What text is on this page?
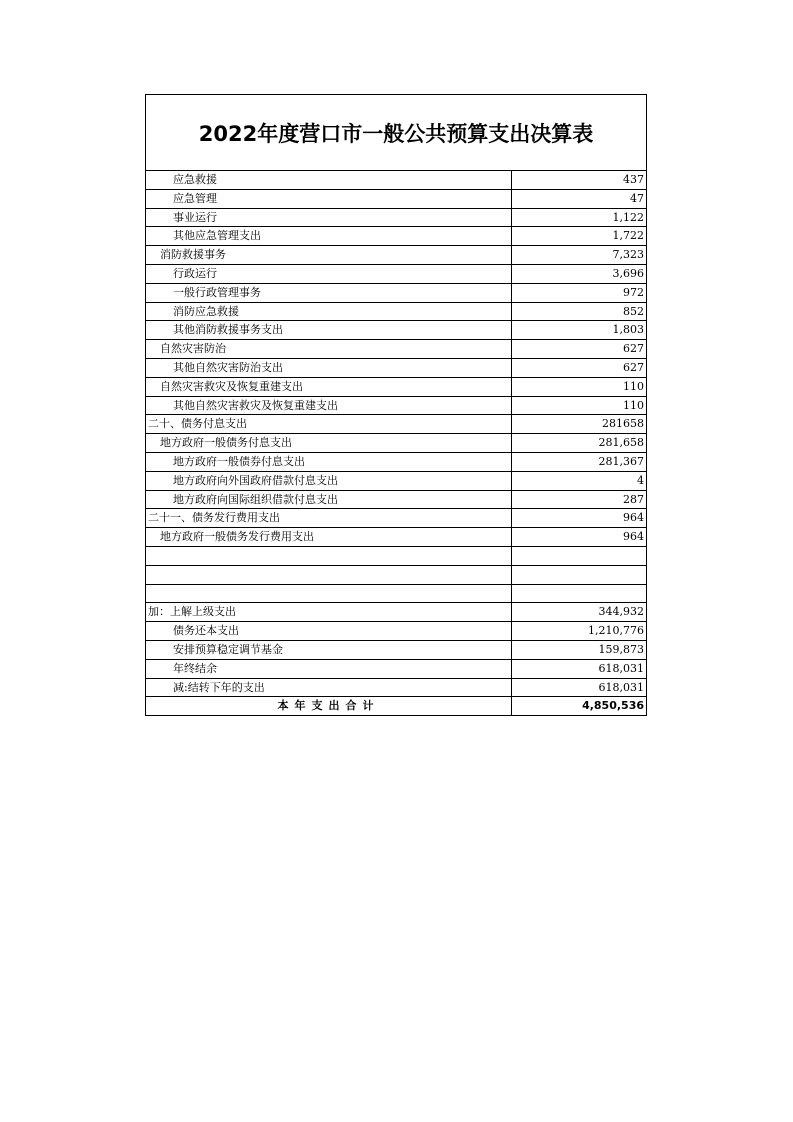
2022年度营口市一般公共预算支出决算表
应急救援	437
应急管理	47
事业运行	1,122
其他应急管理支出	1,722
消防救援事务	7,323
行政运行	3,696
一般行政管理事务	972
消防应急救援	852
其他消防救援事务支出	1,803
自然灾害防治	627
其他自然灾害防治支出	627
自然灾害救灾及恢复重建支出	110
其他自然灾害救灾及恢复重建支出	110
二十、债务付息支出	281658
地方政府一般债务付息支出	281,658
地方政府一般债券付息支出	281,367
地方政府向外国政府借款付息支出	4
地方政府向国际组织借款付息支出	287
二十一、债务发行费用支出	964
地方政府一般债务发行费用支出	964

加：上解上级支出	344,932
债务还本支出	1,210,776
安排预算稳定调节基金	159,873
年终结余	618,031
减:结转下年的支出	618,031
本年支出合计	4,850,536
